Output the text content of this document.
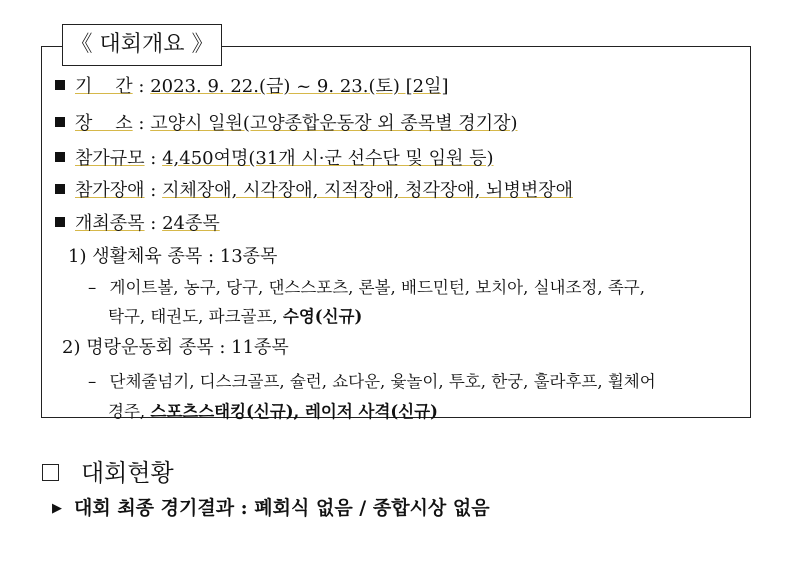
《 대회개요 》
기    간 : 2023. 9. 22.(금) ~ 9. 23.(토) [2일]
장    소 : 고양시 일원(고양종합운동장 외 종목별 경기장)
참가규모 : 4,450여명(31개 시·군 선수단 및 임원 등)
참가장애 : 지체장애, 시각장애, 지적장애, 청각장애, 뇌병변장애
개최종목 : 24종목
1) 생활체육 종목 : 13종목
– 게이트볼, 농구, 당구, 댄스스포츠, 론볼, 배드민턴, 보치아, 실내조정, 족구,
탁구, 태권도, 파크골프, 수영(신규)
2) 명랑운동회 종목 : 11종목
– 단체줄넘기, 디스크골프, 슐런, 쇼다운, 윷놀이, 투호, 한궁, 훌라후프, 휠체어
경주, 스포츠스태킹(신규), 레이저 사격(신규)
대회현황
▶ 대회 최종 경기결과 : 폐회식 없음 / 종합시상 없음
